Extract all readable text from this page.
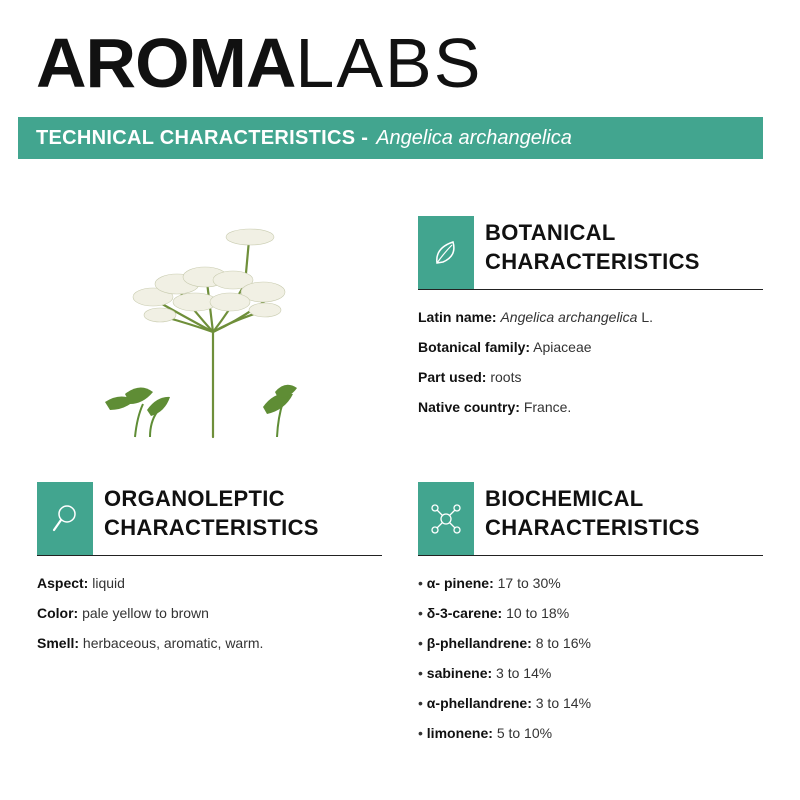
AROMALABS
TECHNICAL CHARACTERISTICS - Angelica archangelica
BOTANICAL
CHARACTERISTICS
Latin name: Angelica archangelica L.
Botanical family: Apiaceae
Part used: roots
Native country: France.
ORGANOLEPTIC
CHARACTERISTICS
Aspect: liquid
Color: pale yellow to brown
Smell: herbaceous, aromatic, warm.
BIOCHEMICAL
CHARACTERISTICS
• α- pinene: 17 to 30%
• δ-3-carene: 10 to 18%
• β-phellandrene: 8 to 16%
• sabinene: 3 to 14%
• α-phellandrene: 3 to 14%
• limonene: 5 to 10%
